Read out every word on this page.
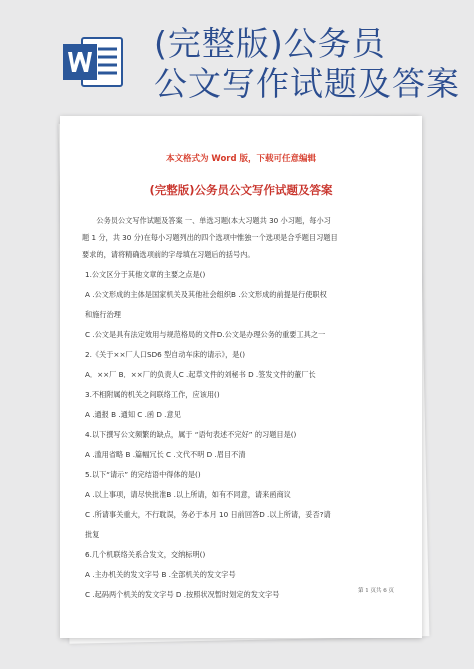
(完整版)公务员
公文写作试题及答案
本文格式为 Word 版，下载可任意编辑
(完整版)公务员公文写作试题及答案

公务员公文写作试题及答案 一、单选习题(本大习题共 30 小习题，每小习

题 1 分，共 30 分)在每小习题列出的四个选项中惟独一个选项是合乎题目习题目

要求的，请将精确选项前的字母填在习题后的括号内。

1.公文区分于其他文章的主要之点是()

A .公文形成的主体是国家机关及其他社会组织B .公文形成的前提是行使职权

和施行治理

C .公文是具有法定效用与规范格局的文件D.公文是办理公务的重要工具之一

2.《关于××厂人口SD6 型自动车床的请示》，是()

A．××厂 B．××厂的负责人C .起草文件的刘秘书 D .签发文件的董厂长

3.不相附属的机关之间联络工作，应该用()

A .通报 B .通知 C .函 D .意见

4.以下撰写公文频繁的缺点，属于 “语句表述不完好” 的习题目是()

A .滥用省略 B .篇幅冗长 C .文代不明 D .眉目不清

5.以下“请示” 的完结语中得体的是()

A .以上事项，请尽快批准B .以上所请，如有不同意，请来函商议

C .所请事关重大，不行耽误，务必于本月 10 日前回答D .以上所请，妥否?请

批复

6.几个机联络关系合发文，交纳标明()

A .主办机关的发文字号 B .全部机关的发文字号

C .起码两个机关的发文字号 D .按照状况暂时划定的发文字号	第 1 页共 6 页
